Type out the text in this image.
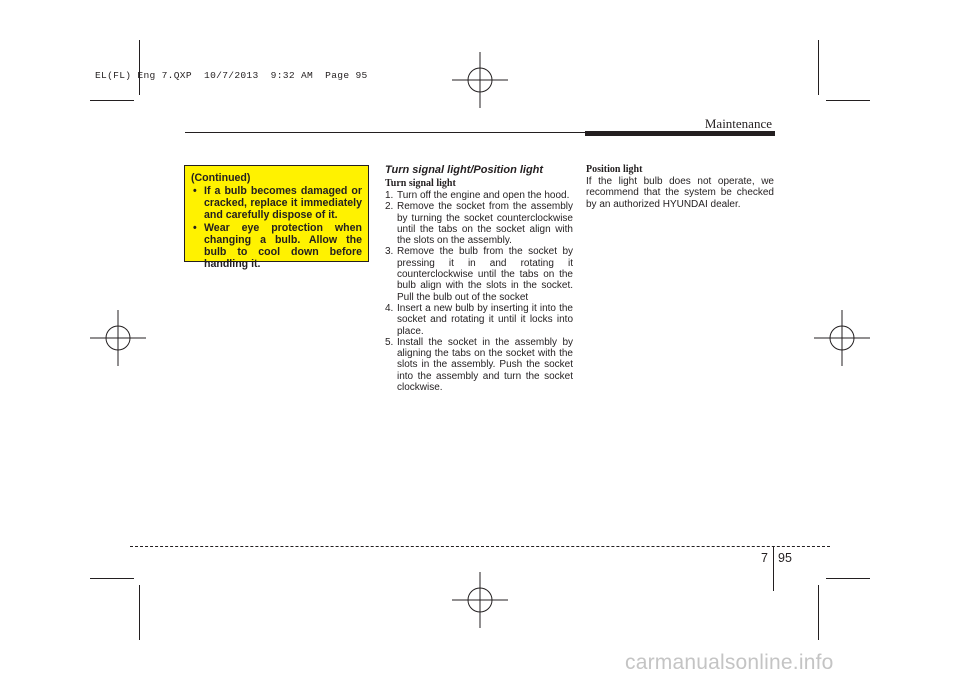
EL(FL) Eng 7.QXP  10/7/2013  9:32 AM  Page 95
Maintenance
(Continued)
• If a bulb becomes damaged or cracked, replace it immediately and carefully dispose of it.
• Wear eye protection when changing a bulb. Allow the bulb to cool down before handling it.
Turn signal light/Position light
Turn signal light
1. Turn off the engine and open the hood.
2. Remove the socket from the assembly by turning the socket counterclockwise until the tabs on the socket align with the slots on the assembly.
3. Remove the bulb from the socket by pressing it in and rotating it counterclockwise until the tabs on the bulb align with the slots in the socket. Pull the bulb out of the socket
4. Insert a new bulb by inserting it into the socket and rotating it until it locks into place.
5. Install the socket in the assembly by aligning the tabs on the socket with the slots in the assembly. Push the socket into the assembly and turn the socket clockwise.
Position light

If the light bulb does not operate, we recommend that the system be checked by an authorized HYUNDAI dealer.

7 95
carmanualsonline.info
